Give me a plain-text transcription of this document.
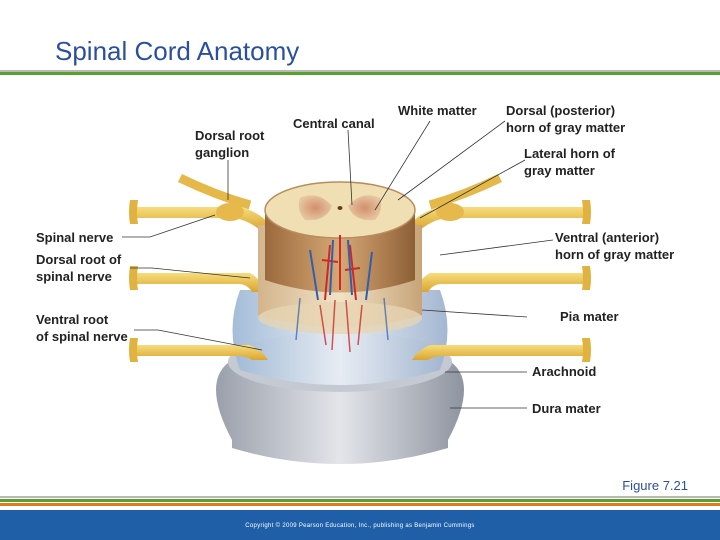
Spinal Cord Anatomy
Dorsal root
ganglion
Central canal
White matter Dorsal (posterior)
horn of gray matter
Lateral horn of
gray matter
Spinal nerve
Dorsal root of
spinal nerve
Ventral (anterior)
horn of gray matter
Ventral root
of spinal nerve
Pia mater
Arachnoid
Dura mater
Figure 7.21
Copyright © 2009 Pearson Education, Inc., publishing as Benjamin Cummings
